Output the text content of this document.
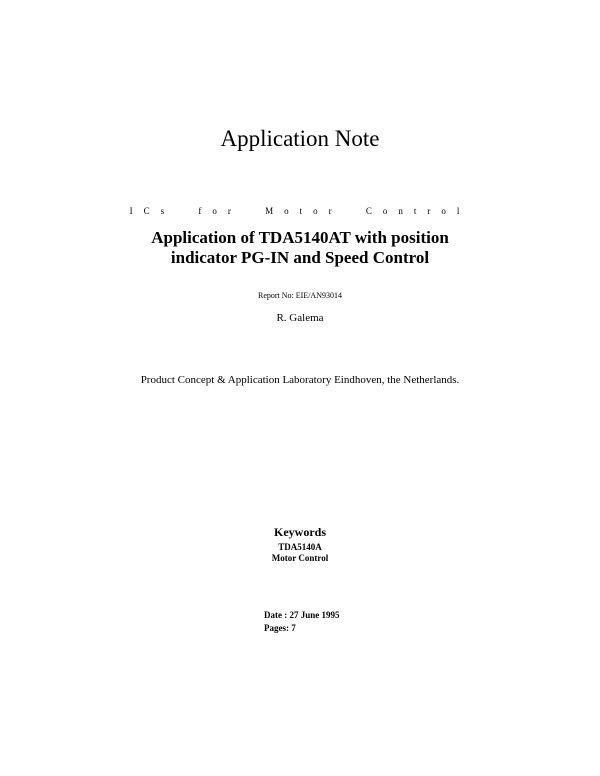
Application Note
ICs for Motor Control
Application of TDA5140AT with position
indicator PG-IN and Speed Control
Report No: EIE/AN93014
R. Galema
Product Concept & Application Laboratory Eindhoven, the Netherlands.
Keywords
TDA5140A
Motor Control
Date : 27 June 1995
Pages: 7
